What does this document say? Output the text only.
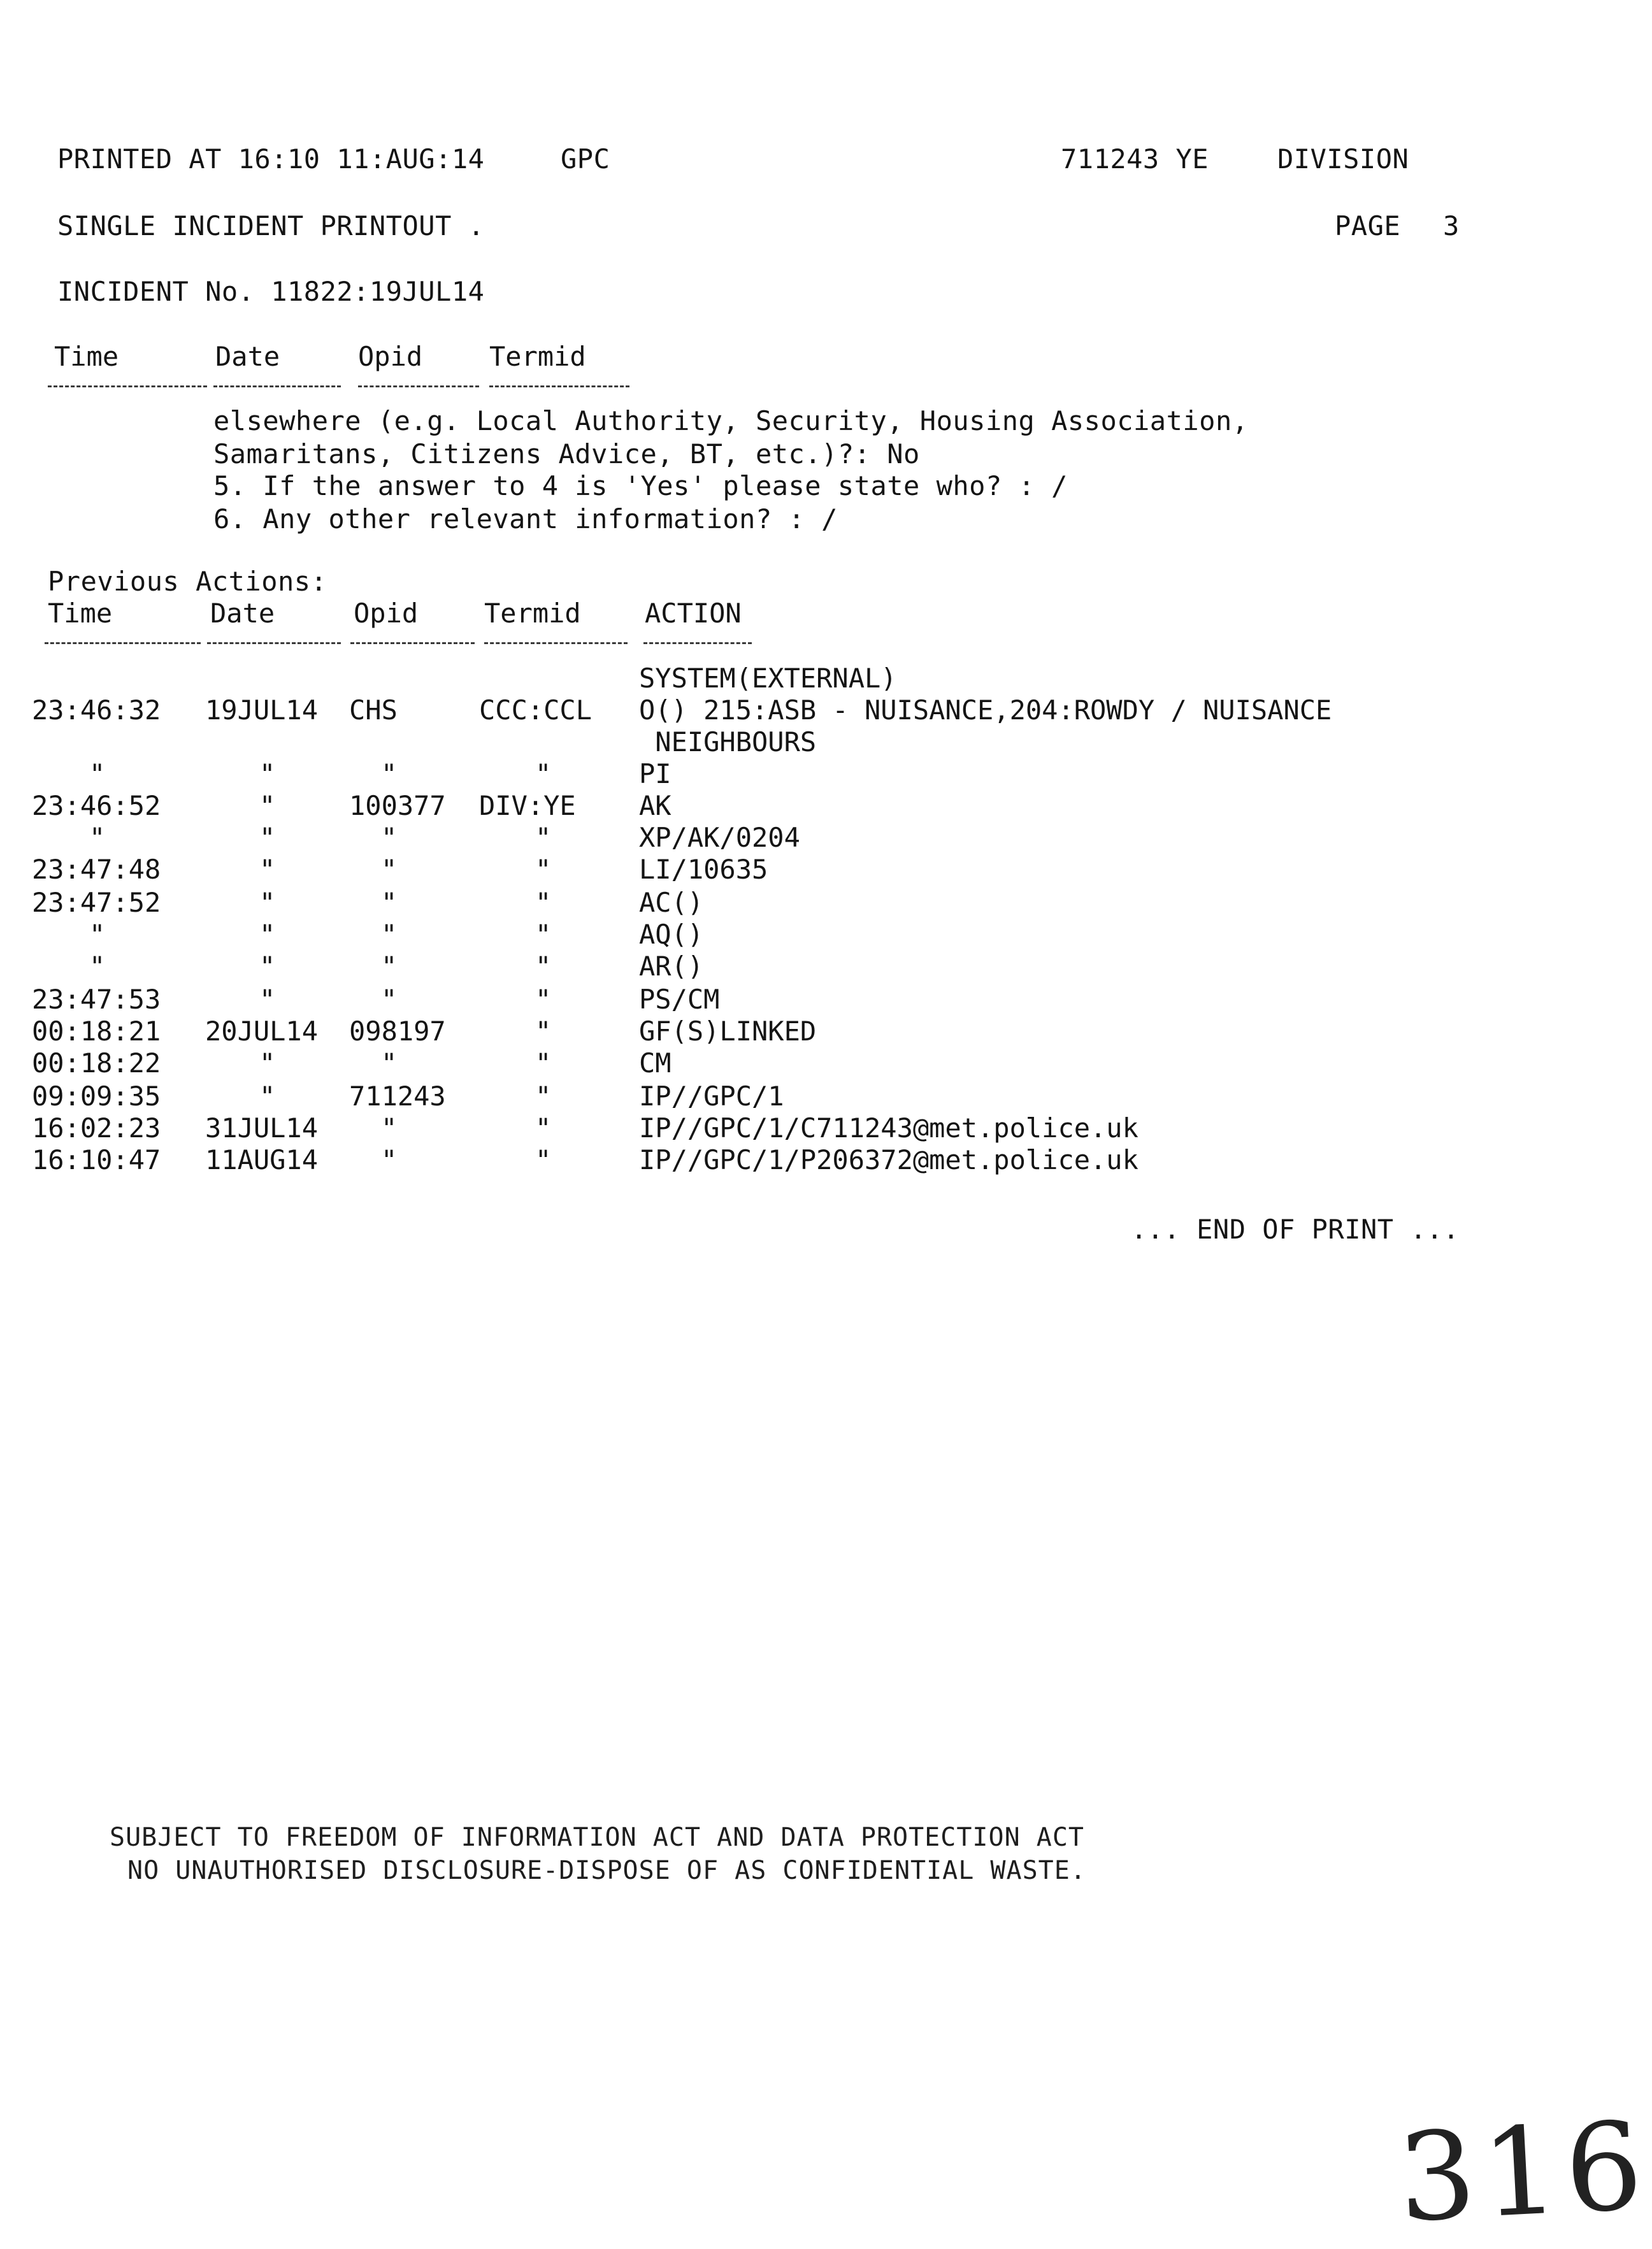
PRINTED AT 16:10 11:AUG:14	GPC	711243 YE	DIVISION
SINGLE INCIDENT PRINTOUT .	PAGE 3
INCIDENT No. 11822:19JUL14
Time	Date	Opid Termid
elsewhere (e.g. Local Authority, Security, Housing Association,
Samaritans, Citizens Advice, BT, etc.)?: No
5. If the answer to 4 is 'Yes' please state who? : /
6. Any other relevant information? : /
Previous Actions:
Time	Date	Opid Termid ACTION
SYSTEM(EXTERNAL)
23:46:32 19JUL14 CHS	CCC:CCL O() 215:ASB - NUISANCE,204:ROWDY / NUISANCE
NEIGHBOURS
"	"	"	"	PI
23:46:52	"	100377 DIV:YE AK
"	"	"	"	XP/AK/0204
23:47:48	"	"	"	LI/10635
23:47:52	"	"	"	AC()
"	"	"	"	AQ()
"	"	"	"	AR()
23:47:53	"	"	"	PS/CM
00:18:21 20JUL14 098197	"	GF(S)LINKED
00:18:22	"	"	"	CM
09:09:35	"	711243	"	IP//GPC/1
16:02:23 31JUL14 "	"	IP//GPC/1/C711243@met.police.uk
16:10:47 11AUG14 "	"	IP//GPC/1/P206372@met.police.uk
... END OF PRINT ...
SUBJECT TO FREEDOM OF INFORMATION ACT AND DATA PROTECTION ACT
NO UNAUTHORISED DISCLOSURE-DISPOSE OF AS CONFIDENTIAL WASTE.
316
